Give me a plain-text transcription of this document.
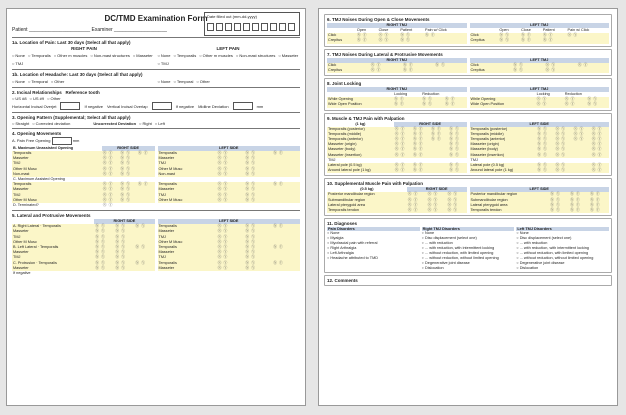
Date filled out (mm-dd-yyyy)
DC/TMD Examination Form
Patient ______________________ Examiner ___________________
1a. Location of Pain: Last 30 days (Select all that apply)
RIGHT PAIN	LEFT PAIN
○ None	○ Temporalis	○ Other m muscles	○ Non-mast structures	○ Masseter
○ TMJ
○ None	○ Temporalis	○ Other m muscles	○ Non-mast structures	○ Masseter
○ TMJ
1b. Location of Headache: Last 30 days (Select all that apply)
○ None	○ Temporal	○ Other	○ None	○ Temporal	○ Other
2. Incisal Relationships Reference tooth
○ US #8	○ US #9	○ Other
Horizontal Incisal Overjet	If negative Vertical Incisal Overlap	If negative Midline Deviation	mm
3. Opening Pattern (Supplemental; Select all that apply)
○ Straight	○ Corrected deviation	Uncorrected Deviation	○ Right	○ Left
4. Opening Movements
A. Pain Free Opening	mm
B. Maximum Unassisted Opening	RIGHT SIDE		
Temporalis	Ⓝ Ⓨ	Ⓝ Ⓨ	Ⓝ Ⓨ
Masseter	Ⓝ Ⓨ	Ⓝ Ⓨ	
TMJ	Ⓝ Ⓨ	Ⓝ Ⓨ	
Other M Musc	Ⓝ Ⓨ	Ⓝ Ⓨ	
Non-mast	Ⓝ Ⓨ	Ⓝ Ⓨ	
C. Maximum Assisted Opening			
Temporalis	Ⓝ Ⓨ	Ⓝ Ⓨ	Ⓝ Ⓨ
Masseter	Ⓝ Ⓨ	Ⓝ Ⓨ	
TMJ	Ⓝ Ⓨ	Ⓝ Ⓨ	
Other M Musc	Ⓝ Ⓨ	Ⓝ Ⓨ	
D. Terminated?	Ⓝ Ⓨ		
LEFT SIDE			
Temporalis	Ⓝ Ⓨ	Ⓝ Ⓨ	Ⓝ Ⓨ
Masseter	Ⓝ Ⓨ	Ⓝ Ⓨ	
TMJ	Ⓝ Ⓨ	Ⓝ Ⓨ	
Other M Musc	Ⓝ Ⓨ	Ⓝ Ⓨ	
Non-mast	Ⓝ Ⓨ	Ⓝ Ⓨ	

Temporalis	Ⓝ Ⓨ	Ⓝ Ⓨ	Ⓝ Ⓨ
Masseter	Ⓝ Ⓨ	Ⓝ Ⓨ	
TMJ	Ⓝ Ⓨ	Ⓝ Ⓨ	
Other M Musc	Ⓝ Ⓨ	Ⓝ Ⓨ	

5. Lateral and Protrusive Movements
	RIGHT SIDE		
A. Right Lateral · Temporalis	Ⓝ Ⓨ	Ⓝ Ⓨ	Ⓝ Ⓨ
Masseter	Ⓝ Ⓨ	Ⓝ Ⓨ	
TMJ	Ⓝ Ⓨ	Ⓝ Ⓨ	
Other M Musc	Ⓝ Ⓨ	Ⓝ Ⓨ	
B. Left Lateral · Temporalis	Ⓝ Ⓨ	Ⓝ Ⓨ	Ⓝ Ⓨ
Masseter	Ⓝ Ⓨ	Ⓝ Ⓨ	
TMJ	Ⓝ Ⓨ	Ⓝ Ⓨ	
C. Protrusion · Temporalis	Ⓝ Ⓨ	Ⓝ Ⓨ	Ⓝ Ⓨ
Masseter	Ⓝ Ⓨ	Ⓝ Ⓨ	
If negative			
LEFT SIDE			
Temporalis	Ⓝ Ⓨ	Ⓝ Ⓨ	Ⓝ Ⓨ
Masseter	Ⓝ Ⓨ	Ⓝ Ⓨ	
TMJ	Ⓝ Ⓨ	Ⓝ Ⓨ	
Other M Musc	Ⓝ Ⓨ	Ⓝ Ⓨ	
Temporalis	Ⓝ Ⓨ	Ⓝ Ⓨ	Ⓝ Ⓨ
Masseter	Ⓝ Ⓨ	Ⓝ Ⓨ	
TMJ	Ⓝ Ⓨ	Ⓝ Ⓨ	
Temporalis	Ⓝ Ⓨ	Ⓝ Ⓨ	Ⓝ Ⓨ
Masseter	Ⓝ Ⓨ	Ⓝ Ⓨ	

6. TMJ Noises During Open & Close Movements
RIGHT TMJ				
	Open	Close	Patient	Pain w/ Click
Click	Ⓝ Ⓨ	Ⓝ Ⓨ	Ⓝ Ⓨ	Ⓝ Ⓨ
Crepitus	Ⓝ Ⓨ	Ⓝ Ⓨ	Ⓝ Ⓨ	
LEFT TMJ				
	Open	Close	Patient	Pain w/ Click
Click	Ⓝ Ⓨ	Ⓝ Ⓨ	Ⓝ Ⓨ	Ⓝ Ⓨ
Crepitus	Ⓝ Ⓨ	Ⓝ Ⓨ	Ⓝ Ⓨ	
7. TMJ Noises During Lateral & Protrusive Movements
RIGHT TMJ			
Click	Ⓝ Ⓨ	Ⓝ Ⓨ	Ⓝ Ⓨ
Crepitus	Ⓝ Ⓨ	Ⓝ Ⓨ	
LEFT TMJ			
Click	Ⓝ Ⓨ	Ⓝ Ⓨ	Ⓝ Ⓨ
Crepitus	Ⓝ Ⓨ	Ⓝ Ⓨ	
8. Joint Locking
RIGHT TMJ			
	Locking	Reduction	
While Opening	Ⓝ Ⓨ	Ⓝ Ⓨ	Ⓝ Ⓨ
Wide Open Position	Ⓝ Ⓨ	Ⓝ Ⓨ	Ⓝ Ⓨ
LEFT TMJ			
	Locking	Reduction	
While Opening	Ⓝ Ⓨ	Ⓝ Ⓨ	Ⓝ Ⓨ
Wide Open Position	Ⓝ Ⓨ	Ⓝ Ⓨ	Ⓝ Ⓨ
9. Muscle & TMJ Pain with Palpation
(1 kg)	RIGHT SIDE			
Temporalis (posterior)	Ⓝ Ⓨ	Ⓝ Ⓨ	Ⓝ Ⓨ	Ⓝ Ⓨ
Temporalis (middle)	Ⓝ Ⓨ	Ⓝ Ⓨ	Ⓝ Ⓨ	Ⓝ Ⓨ
Temporalis (anterior)	Ⓝ Ⓨ	Ⓝ Ⓨ	Ⓝ Ⓨ	Ⓝ Ⓨ
Masseter (origin)	Ⓝ Ⓨ	Ⓝ Ⓨ		Ⓝ Ⓨ
Masseter (body)	Ⓝ Ⓨ	Ⓝ Ⓨ		Ⓝ Ⓨ
Masseter (insertion)	Ⓝ Ⓨ	Ⓝ Ⓨ		Ⓝ Ⓨ
TMJ				
Lateral pole (0.5 kg)	Ⓝ Ⓨ	Ⓝ Ⓨ		Ⓝ Ⓨ
Around lateral pole (1 kg)	Ⓝ Ⓨ	Ⓝ Ⓨ		Ⓝ Ⓨ
LEFT SIDE				
Temporalis (posterior)	Ⓝ Ⓨ	Ⓝ Ⓨ	Ⓝ Ⓨ	Ⓝ Ⓨ
Temporalis (middle)	Ⓝ Ⓨ	Ⓝ Ⓨ	Ⓝ Ⓨ	Ⓝ Ⓨ
Temporalis (anterior)	Ⓝ Ⓨ	Ⓝ Ⓨ	Ⓝ Ⓨ	Ⓝ Ⓨ
Masseter (origin)	Ⓝ Ⓨ	Ⓝ Ⓨ		Ⓝ Ⓨ
Masseter (body)	Ⓝ Ⓨ	Ⓝ Ⓨ		Ⓝ Ⓨ
Masseter (insertion)	Ⓝ Ⓨ	Ⓝ Ⓨ		Ⓝ Ⓨ
TMJ				
Lateral pole (0.5 kg)	Ⓝ Ⓨ	Ⓝ Ⓨ		Ⓝ Ⓨ
Around lateral pole (1 kg)	Ⓝ Ⓨ	Ⓝ Ⓨ		Ⓝ Ⓨ
10. Supplemental Muscle Pain with Palpation
(0.5 kg)	RIGHT SIDE		
Posterior mandibular region	Ⓝ Ⓨ	Ⓝ Ⓨ	Ⓝ Ⓨ
Submandibular region	Ⓝ Ⓨ	Ⓝ Ⓨ	Ⓝ Ⓨ
Lateral pterygoid area	Ⓝ Ⓨ	Ⓝ Ⓨ	Ⓝ Ⓨ
Temporalis tendon	Ⓝ Ⓨ	Ⓝ Ⓨ	Ⓝ Ⓨ
LEFT SIDE			
Posterior mandibular region	Ⓝ Ⓨ	Ⓝ Ⓨ	Ⓝ Ⓨ
Submandibular region	Ⓝ Ⓨ	Ⓝ Ⓨ	Ⓝ Ⓨ
Lateral pterygoid area	Ⓝ Ⓨ	Ⓝ Ⓨ	Ⓝ Ⓨ
Temporalis tendon	Ⓝ Ⓨ	Ⓝ Ⓨ	Ⓝ Ⓨ
11. Diagnoses
Pain Disorders
○ None
○ Myalgia
○ Myofascial pain with referral
○ Right Arthralgia
○ Left Arthralgia
○ Headache attributed to TMD
Right TMJ Disorders
○ None
○ Disc displacement (select one)
○ ... with reduction
○ ... with reduction, with intermittent locking
○ ... without reduction, with limited opening
○ ... without reduction, without limited opening
○ Degenerative joint disease
○ Dislocation
Left TMJ Disorders
○ None
○ Disc displacement (select one)
○ ... with reduction
○ ... with reduction, with intermittent locking
○ ... without reduction, with limited opening
○ ... without reduction, without limited opening
○ Degenerative joint disease
○ Dislocation
12. Comments
